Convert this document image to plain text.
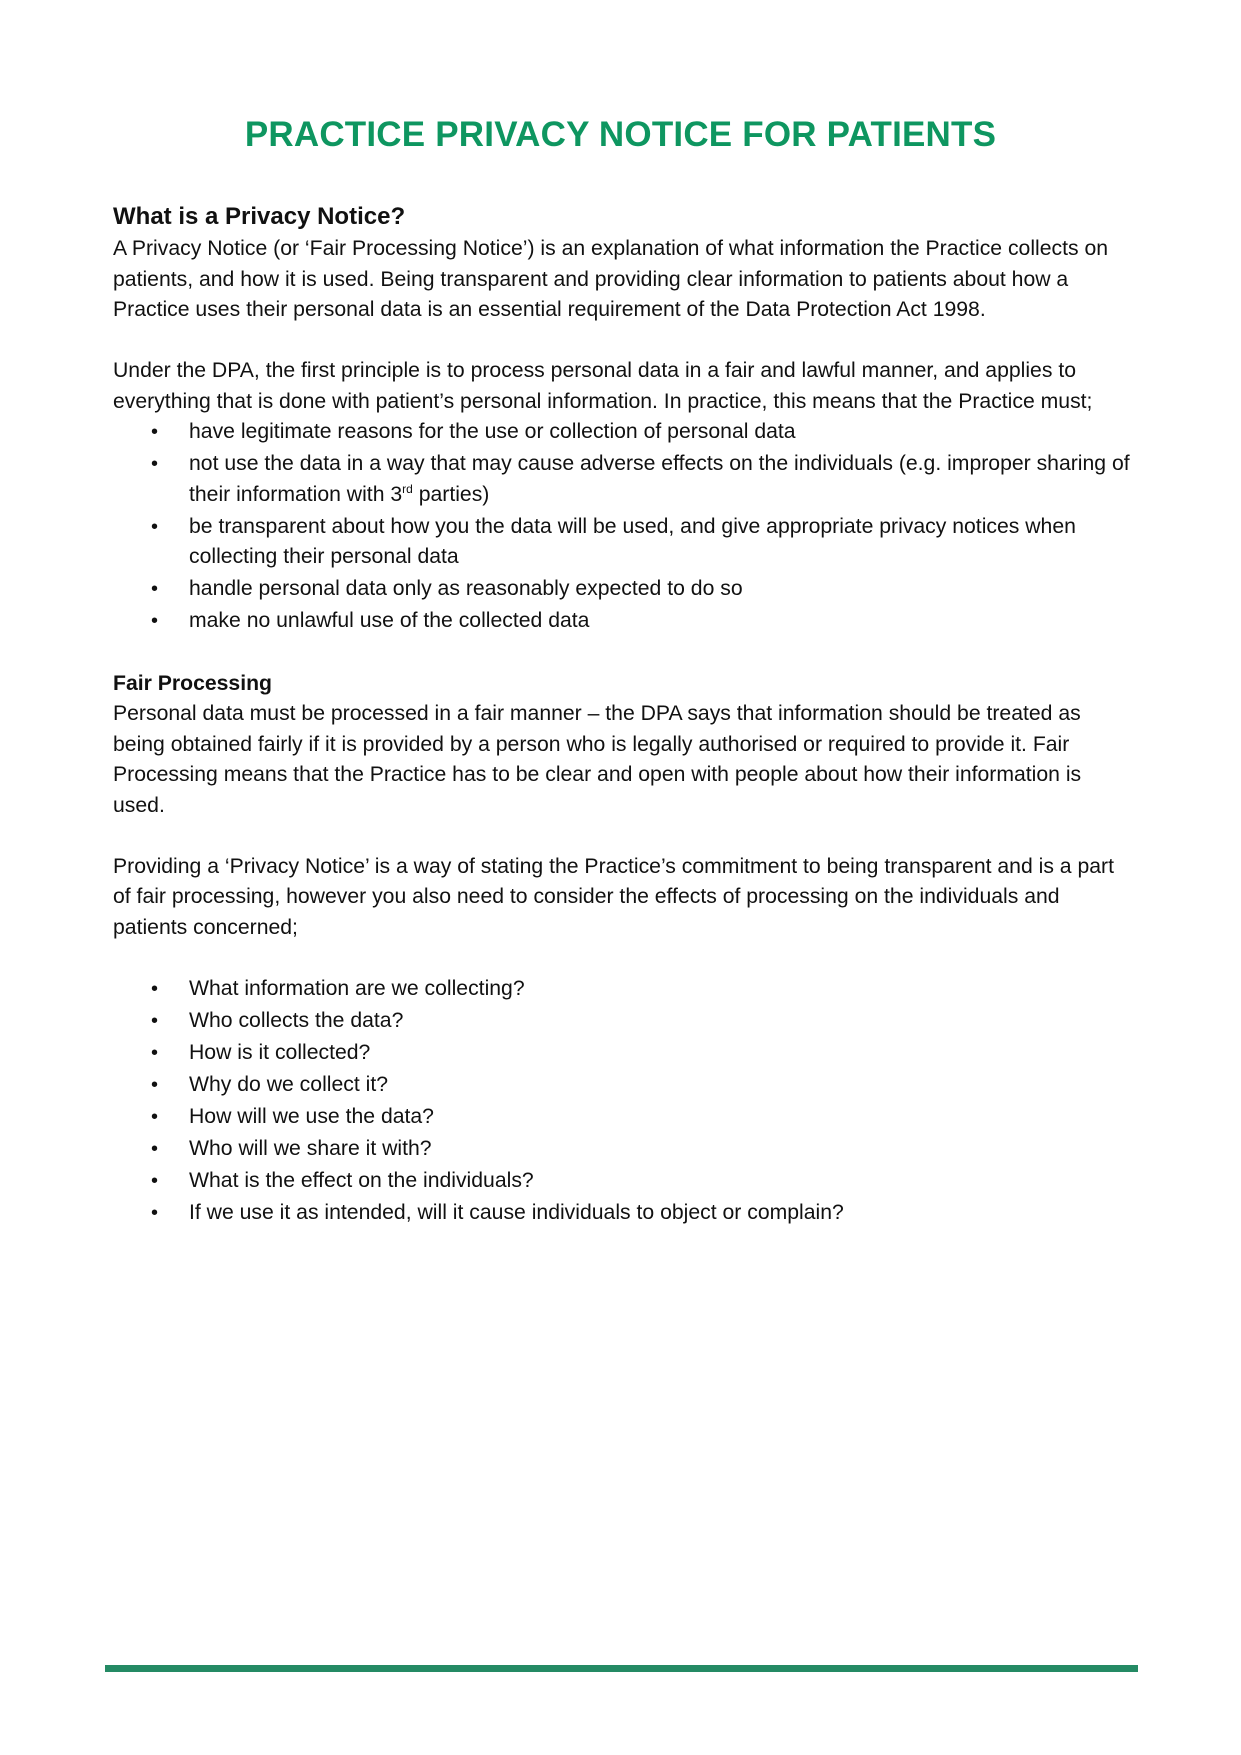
PRACTICE PRIVACY NOTICE FOR PATIENTS
What is a Privacy Notice?

A Privacy Notice (or ‘Fair Processing Notice’) is an explanation of what information the Practice collects on patients, and how it is used. Being transparent and providing clear information to patients about how a Practice uses their personal data is an essential requirement of the Data Protection Act 1998.

Under the DPA, the first principle is to process personal data in a fair and lawful manner, and applies to everything that is done with patient’s personal information. In practice, this means that the Practice must;

• have legitimate reasons for the use or collection of personal data
• not use the data in a way that may cause adverse effects on the individuals (e.g. improper sharing of their information with 3rd parties)
• be transparent about how you the data will be used, and give appropriate privacy notices when collecting their personal data
• handle personal data only as reasonably expected to do so
• make no unlawful use of the collected data
Fair Processing

Personal data must be processed in a fair manner – the DPA says that information should be treated as being obtained fairly if it is provided by a person who is legally authorised or required to provide it. Fair Processing means that the Practice has to be clear and open with people about how their information is used.

Providing a ‘Privacy Notice’ is a way of stating the Practice’s commitment to being transparent and is a part of fair processing, however you also need to consider the effects of processing on the individuals and patients concerned;

• What information are we collecting?
• Who collects the data?
• How is it collected?
• Why do we collect it?
• How will we use the data?
• Who will we share it with?
• What is the effect on the individuals?
• If we use it as intended, will it cause individuals to object or complain?
